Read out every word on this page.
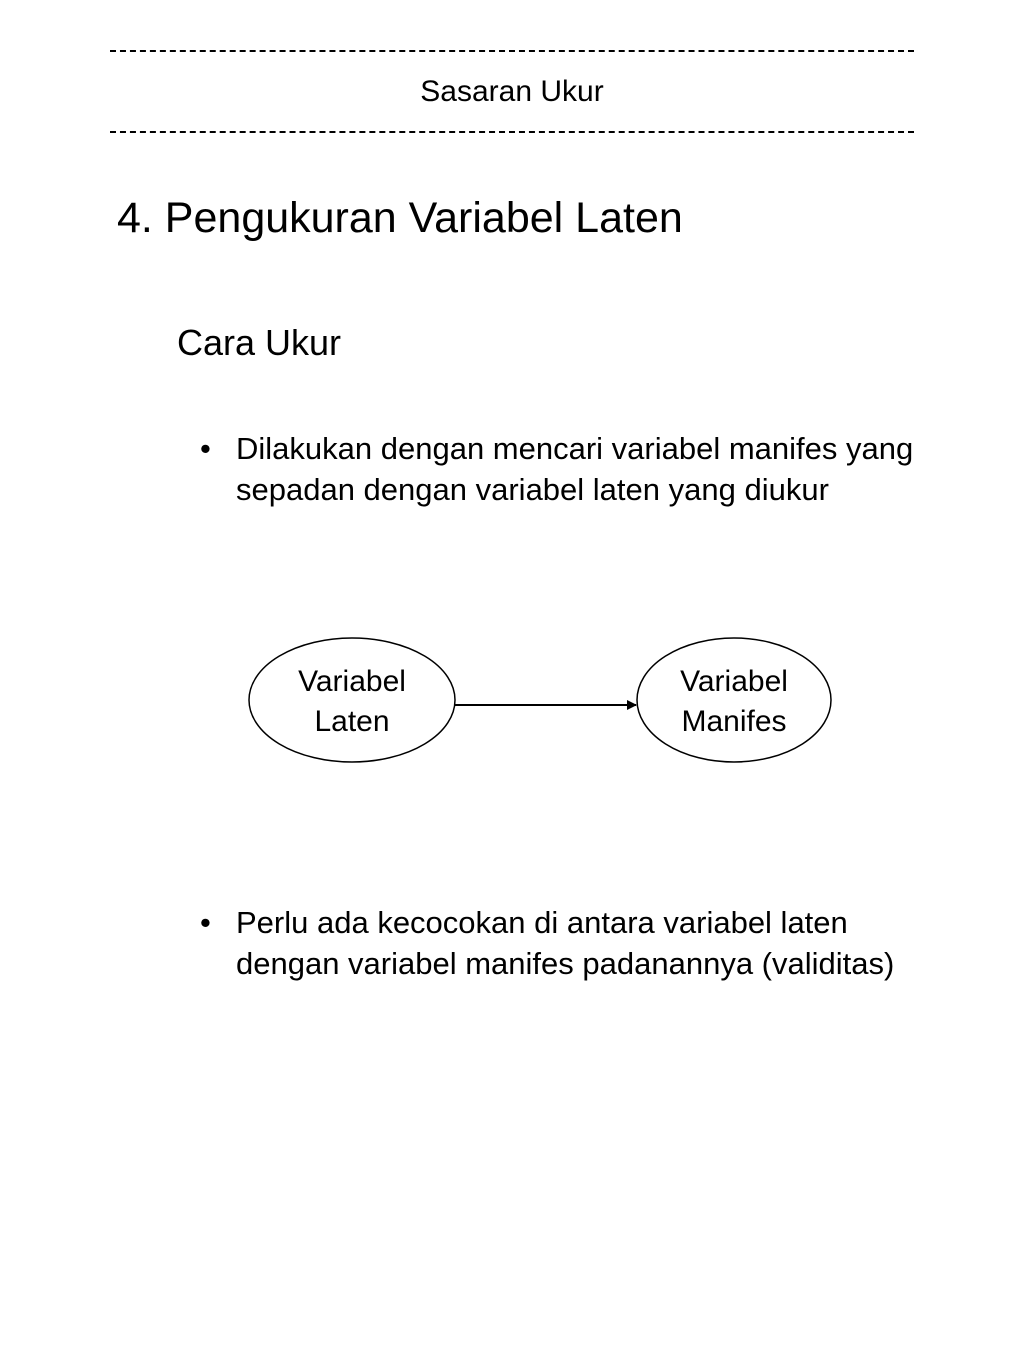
Sasaran Ukur
4. Pengukuran Variabel Laten
Cara Ukur
• Dilakukan dengan mencari variabel manifes yang sepadan dengan variabel laten yang diukur
Variabel
Laten
Variabel
Manifes
• Perlu ada kecocokan di antara variabel laten dengan variabel manifes padanannya (validitas)
